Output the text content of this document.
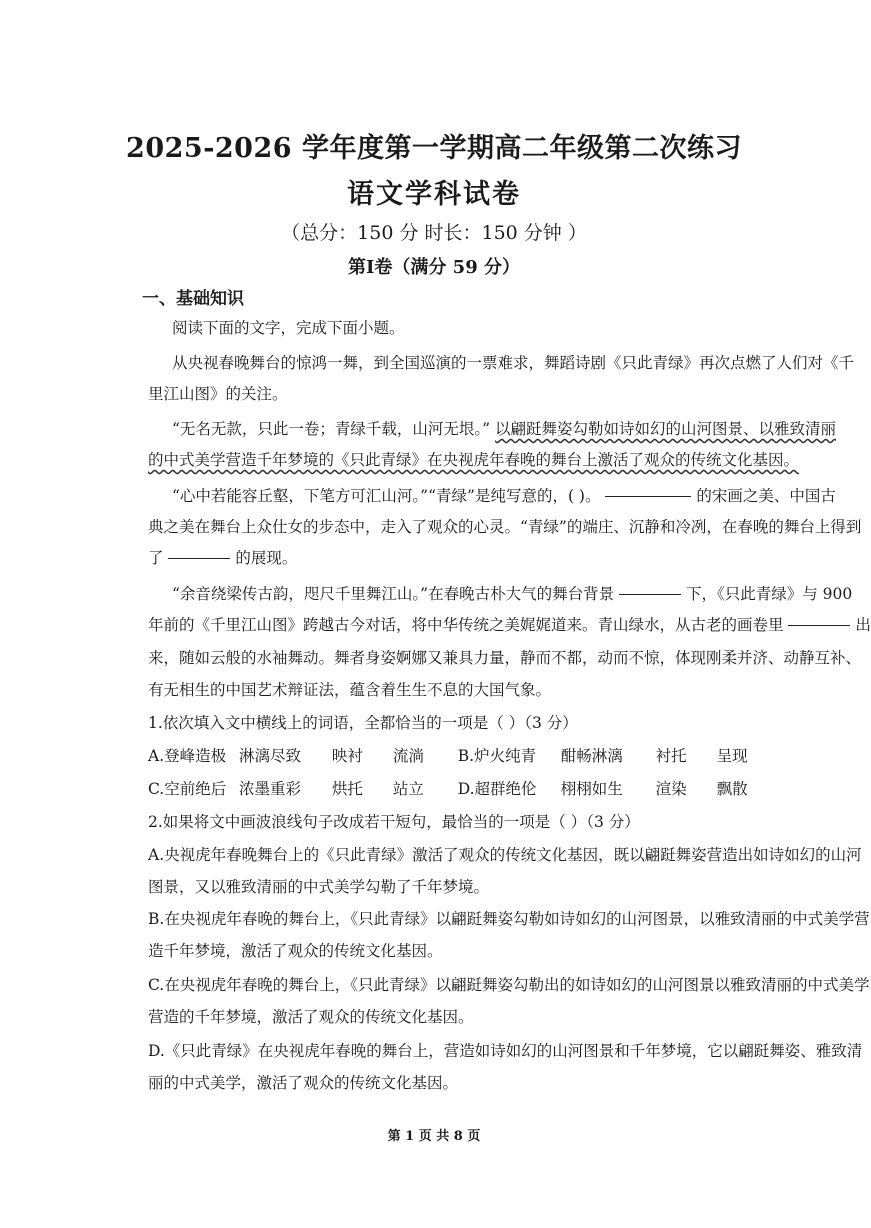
2025-2026 学年度第一学期高二年级第二次练习
语文学科试卷
（总分：150 分 时长：150 分钟 ）
第Ⅰ卷（满分 59 分）
一、基础知识
阅读下面的文字，完成下面小题。
从央视春晚舞台的惊鸿一舞，到全国巡演的一票难求，舞蹈诗剧《只此青绿》再次点燃了人们对《千
里江山图》的关注。
“无名无款，只此一卷；青绿千载，山河无垠。” 以翩跹舞姿勾勒如诗如幻的山河图景、以雅致清丽
的中式美学营造千年梦境的《只此青绿》在央视虎年春晚的舞台上激活了观众的传统文化基因。
“心中若能容丘壑，下笔方可汇山河。”“青绿”是纯写意的，( )。	的宋画之美、中国古
典之美在舞台上众仕女的步态中，走入了观众的心灵。“青绿”的端庄、沉静和冷冽，在春晚的舞台上得到
了	的展现。
“余音绕梁传古韵，咫尺千里舞江山。”在春晚古朴大气的舞台背景	下，《只此青绿》与 900
年前的《千里江山图》跨越古今对话，将中华传统之美娓娓道来。青山绿水，从古老的画卷里	出
来，随如云般的水袖舞动。舞者身姿婀娜又兼具力量，静而不都，动而不惊，体现刚柔并济、动静互补、
有无相生的中国艺术辩证法，蕴含着生生不息的大国气象。
1.依次填入文中横线上的词语，全都恰当的一项是（ ）（3 分）
A.登峰造极 淋漓尽致 映衬 流淌 B.炉火纯青 酣畅淋漓 衬托 呈现
C.空前绝后 浓墨重彩 烘托 站立 D.超群绝伦 栩栩如生 渲染 飘散
2.如果将文中画波浪线句子改成若干短句，最恰当的一项是（ ）（3 分）
A.央视虎年春晚舞台上的《只此青绿》激活了观众的传统文化基因，既以翩跹舞姿营造出如诗如幻的山河
图景，又以雅致清丽的中式美学勾勒了千年梦境。
B.在央视虎年春晚的舞台上，《只此青绿》以翩跹舞姿勾勒如诗如幻的山河图景，以雅致清丽的中式美学营
造千年梦境，激活了观众的传统文化基因。
C.在央视虎年春晚的舞台上，《只此青绿》以翩跹舞姿勾勒出的如诗如幻的山河图景以雅致清丽的中式美学
营造的千年梦境，激活了观众的传统文化基因。
D.《只此青绿》在央视虎年春晚的舞台上，营造如诗如幻的山河图景和千年梦境，它以翩跹舞姿、雅致清
丽的中式美学，激活了观众的传统文化基因。
第 1 页 共 8 页
